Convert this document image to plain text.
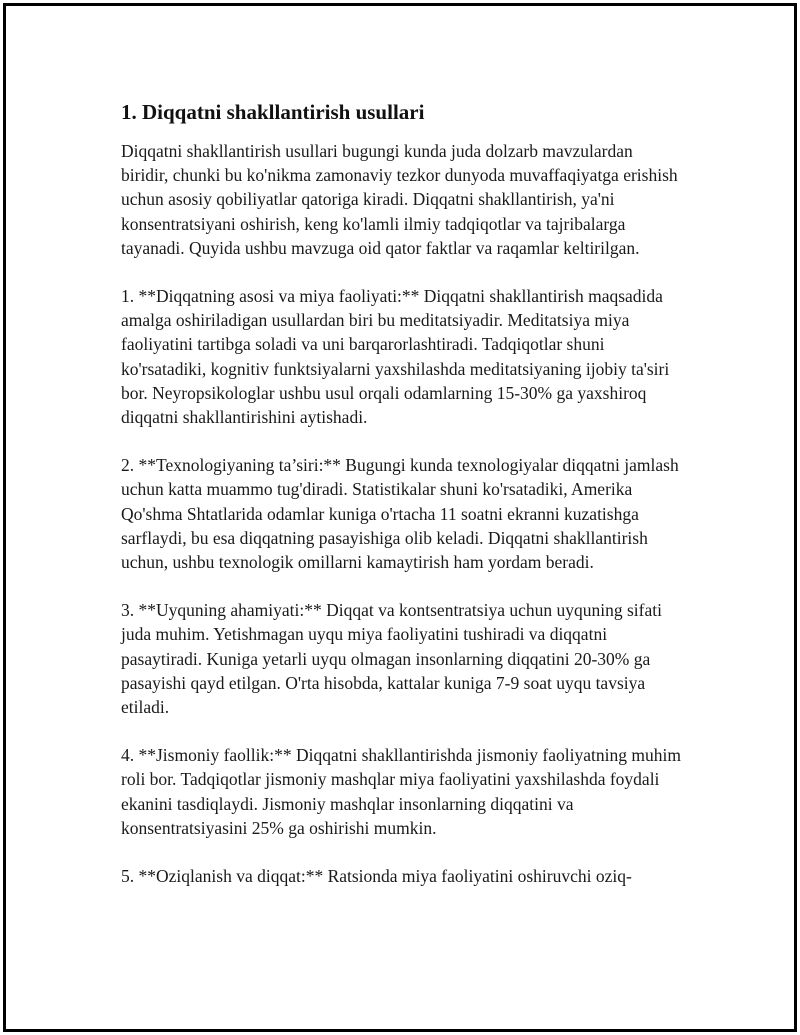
1. Diqqatni shakllantirish usullari

Diqqatni shakllantirish usullari bugungi kunda juda dolzarb mavzulardan biridir, chunki bu ko'nikma zamonaviy tezkor dunyoda muvaffaqiyatga erishish uchun asosiy qobiliyatlar qatoriga kiradi. Diqqatni shakllantirish, ya'ni konsentratsiyani oshirish, keng ko'lamli ilmiy tadqiqotlar va tajribalarga tayanadi. Quyida ushbu mavzuga oid qator faktlar va raqamlar keltirilgan.

1. **Diqqatning asosi va miya faoliyati:** Diqqatni shakllantirish maqsadida amalga oshiriladigan usullardan biri bu meditatsiyadir. Meditatsiya miya faoliyatini tartibga soladi va uni barqarorlashtiradi. Tadqiqotlar shuni ko'rsatadiki, kognitiv funktsiyalarni yaxshilashda meditatsiyaning ijobiy ta'siri bor. Neyropsikologlar ushbu usul orqali odamlarning 15-30% ga yaxshiroq diqqatni shakllantirishini aytishadi.

2. **Texnologiyaning ta’siri:** Bugungi kunda texnologiyalar diqqatni jamlash uchun katta muammo tug'diradi. Statistikalar shuni ko'rsatadiki, Amerika Qo'shma Shtatlarida odamlar kuniga o'rtacha 11 soatni ekranni kuzatishga sarflaydi, bu esa diqqatning pasayishiga olib keladi. Diqqatni shakllantirish uchun, ushbu texnologik omillarni kamaytirish ham yordam beradi.

3. **Uyquning ahamiyati:** Diqqat va kontsentratsiya uchun uyquning sifati juda muhim. Yetishmagan uyqu miya faoliyatini tushiradi va diqqatni pasaytiradi. Kuniga yetarli uyqu olmagan insonlarning diqqatini 20-30% ga pasayishi qayd etilgan. O'rta hisobda, kattalar kuniga 7-9 soat uyqu tavsiya etiladi.

4. **Jismoniy faollik:** Diqqatni shakllantirishda jismoniy faoliyatning muhim roli bor. Tadqiqotlar jismoniy mashqlar miya faoliyatini yaxshilashda foydali ekanini tasdiqlaydi. Jismoniy mashqlar insonlarning diqqatini va konsentratsiyasini 25% ga oshirishi mumkin.

5. **Oziqlanish va diqqat:** Ratsionda miya faoliyatini oshiruvchi oziq-
